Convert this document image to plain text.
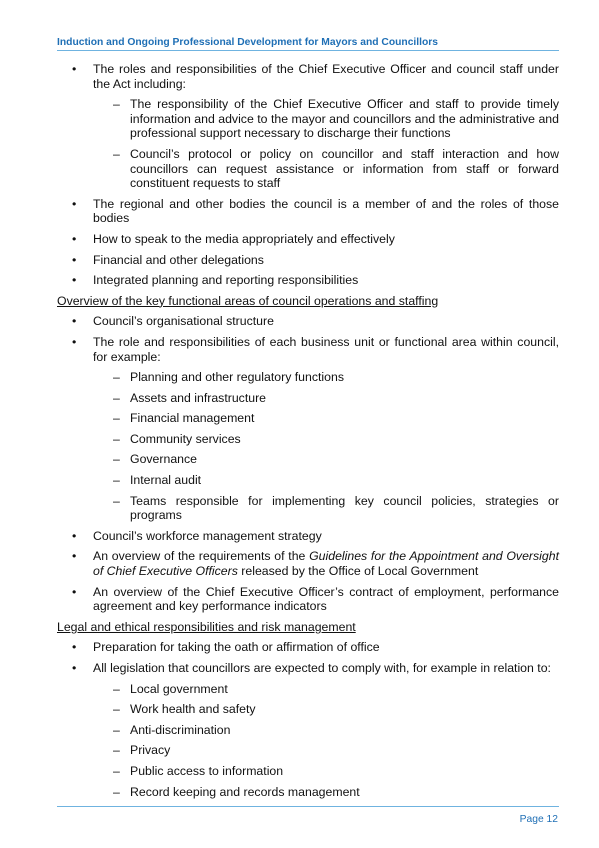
Induction and Ongoing Professional Development for Mayors and Councillors
• The roles and responsibilities of the Chief Executive Officer and council staff under the Act including:
– The responsibility of the Chief Executive Officer and staff to provide timely information and advice to the mayor and councillors and the administrative and professional support necessary to discharge their functions
– Council’s protocol or policy on councillor and staff interaction and how councillors can request assistance or information from staff or forward constituent requests to staff
• The regional and other bodies the council is a member of and the roles of those bodies
• How to speak to the media appropriately and effectively
• Financial and other delegations
• Integrated planning and reporting responsibilities
Overview of the key functional areas of council operations and staffing
• Council’s organisational structure
• The role and responsibilities of each business unit or functional area within council, for example:
– Planning and other regulatory functions
– Assets and infrastructure
– Financial management
– Community services
– Governance
– Internal audit
– Teams responsible for implementing key council policies, strategies or programs
• Council’s workforce management strategy
• An overview of the requirements of the Guidelines for the Appointment and Oversight of Chief Executive Officers released by the Office of Local Government
• An overview of the Chief Executive Officer’s contract of employment, performance agreement and key performance indicators
Legal and ethical responsibilities and risk management
• Preparation for taking the oath or affirmation of office
• All legislation that councillors are expected to comply with, for example in relation to:
– Local government
– Work health and safety
– Anti-discrimination
– Privacy
– Public access to information
– Record keeping and records management
Page 12
